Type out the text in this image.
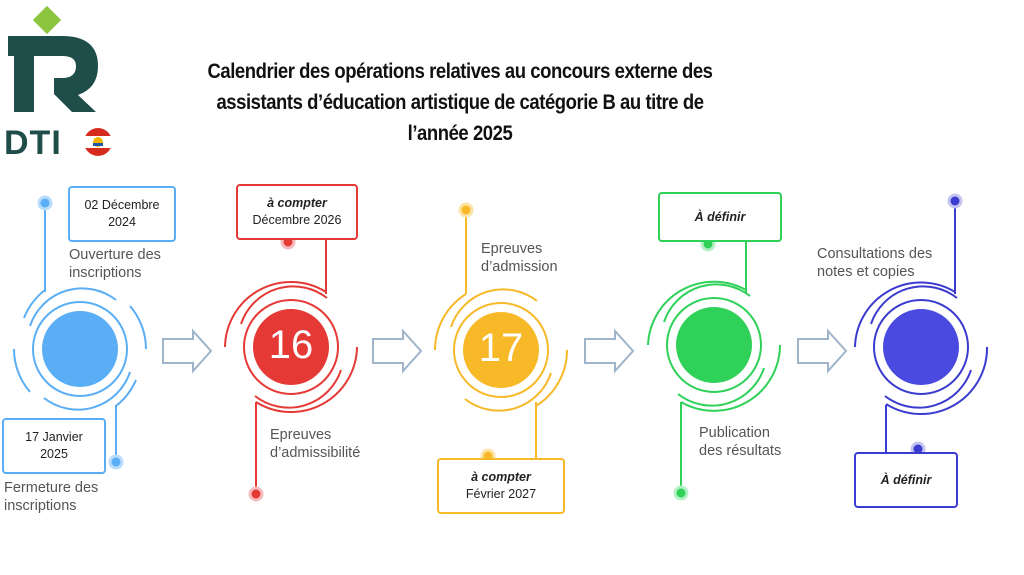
DTI
Calendrier des opérations relatives au concours externe des assistants d’éducation artistique de catégorie B au titre de l’année 2025
02 Décembre
2024
Ouverture des
inscriptions
17 Janvier
2025
Fermeture des
inscriptions
à compter
Décembre 2026
16
Epreuves
d’admissibilité
Epreuves
d’admission
17
à compter
Février 2027
À définir
Publication
des résultats
Consultations des
notes et copies
À définir
